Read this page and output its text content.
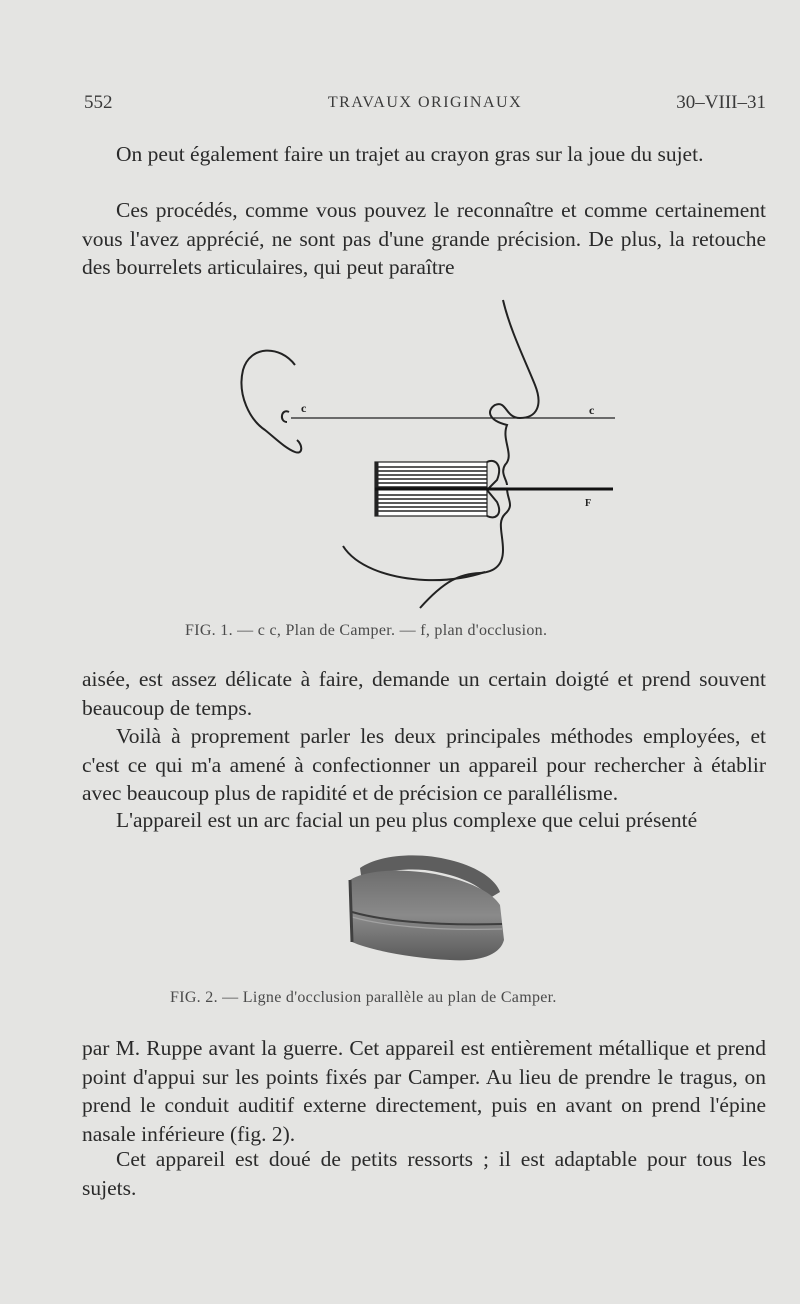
552	TRAVAUX ORIGINAUX	30–VIII–31

On peut également faire un trajet au crayon gras sur la joue du sujet.

Ces procédés, comme vous pouvez le reconnaître et comme certainement vous l'avez apprécié, ne sont pas d'une grande précision. De plus, la retouche des bourrelets articulaires, qui peut paraître

c	c
F
FIG. 1. — c c, Plan de Camper. — f, plan d'occlusion.

aisée, est assez délicate à faire, demande un certain doigté et prend souvent beaucoup de temps.

Voilà à proprement parler les deux principales méthodes employées, et c'est ce qui m'a amené à confectionner un appareil pour rechercher à établir avec beaucoup plus de rapidité et de précision ce parallélisme.

L'appareil est un arc facial un peu plus complexe que celui présenté

FIG. 2. — Ligne d'occlusion parallèle au plan de Camper.

par M. Ruppe avant la guerre. Cet appareil est entièrement métallique et prend point d'appui sur les points fixés par Camper. Au lieu de prendre le tragus, on prend le conduit auditif externe directement, puis en avant on prend l'épine nasale inférieure (fig. 2).

Cet appareil est doué de petits ressorts ; il est adaptable pour tous les sujets.
